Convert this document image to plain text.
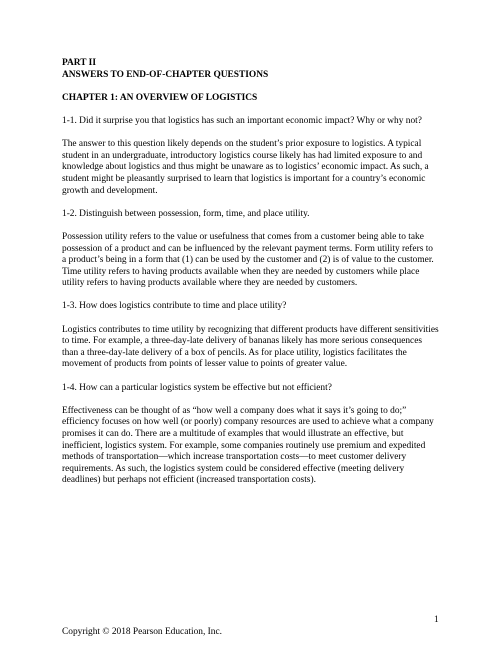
PART II

ANSWERS TO END-OF-CHAPTER QUESTIONS

CHAPTER 1: AN OVERVIEW OF LOGISTICS

1-1. Did it surprise you that logistics has such an important economic impact? Why or why not?

The answer to this question likely depends on the student’s prior exposure to logistics. A typical student in an undergraduate, introductory logistics course likely has had limited exposure to and knowledge about logistics and thus might be unaware as to logistics’ economic impact. As such, a student might be pleasantly surprised to learn that logistics is important for a country’s economic growth and development.

1-2. Distinguish between possession, form, time, and place utility.

Possession utility refers to the value or usefulness that comes from a customer being able to take possession of a product and can be influenced by the relevant payment terms. Form utility refers to a product’s being in a form that (1) can be used by the customer and (2) is of value to the customer. Time utility refers to having products available when they are needed by customers while place utility refers to having products available where they are needed by customers.

1-3. How does logistics contribute to time and place utility?

Logistics contributes to time utility by recognizing that different products have different sensitivities to time. For example, a three-day-late delivery of bananas likely has more serious consequences than a three-day-late delivery of a box of pencils. As for place utility, logistics facilitates the movement of products from points of lesser value to points of greater value.

1-4. How can a particular logistics system be effective but not efficient?

Effectiveness can be thought of as “how well a company does what it says it’s going to do;” efficiency focuses on how well (or poorly) company resources are used to achieve what a company promises it can do. There are a multitude of examples that would illustrate an effective, but inefficient, logistics system. For example, some companies routinely use premium and expedited methods of transportation—which increase transportation costs—to meet customer delivery requirements. As such, the logistics system could be considered effective (meeting delivery deadlines) but perhaps not efficient (increased transportation costs).

1
Copyright © 2018 Pearson Education, Inc.
